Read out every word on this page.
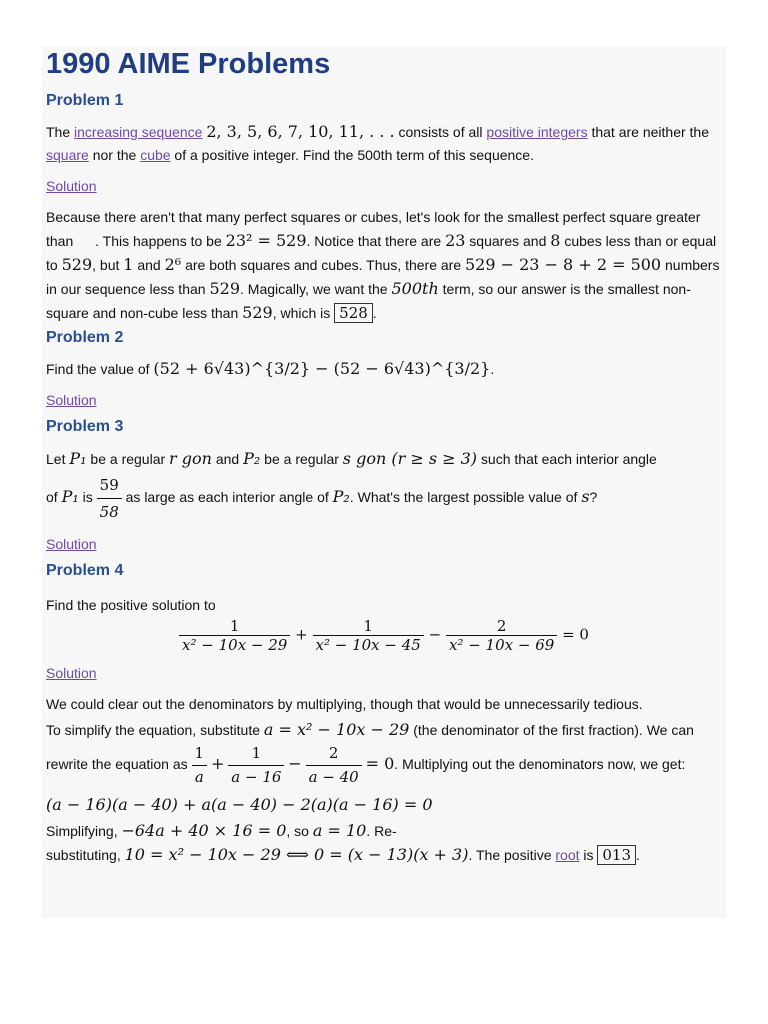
1990 AIME Problems
Problem 1

The increasing sequence 2, 3, 5, 6, 7, 10, 11, . . . consists of all positive integers that are neither the square nor the cube of a positive integer. Find the 500th term of this sequence.

Solution

Because there aren't that many perfect squares or cubes, let's look for the smallest perfect square greater than . This happens to be 23² = 529. Notice that there are 23 squares and 8 cubes less than or equal to 529, but 1 and 2⁶ are both squares and cubes. Thus, there are 529 − 23 − 8 + 2 = 500 numbers in our sequence less than 529. Magically, we want the 500th term, so our answer is the smallest non-square and non-cube less than 529, which is 528 .

Problem 2

Find the value of (52 + 6√43)^{3/2} − (52 − 6√43)^{3/2}.

Solution

Problem 3

Let P₁ be a regular r gon and P₂ be a regular s gon (r ≥ s ≥ 3) such that each interior angle
of P₁ is $\frac{59}{58}$ as large as each interior angle of P₂. What's the largest possible value of s?

Solution

Problem 4

Find the positive solution to

$\frac{1}{\text{x² − 10x − 29}} + \frac{1}{\text{x² − 10x − 45}} - \frac{2}{\text{x² − 10x − 69}} = 0$

Solution

We could clear out the denominators by multiplying, though that would be unnecessarily tedious.

To simplify the equation, substitute a = x² − 10x − 29 (the denominator of the first fraction). We can

rewrite the equation as $\frac{1}{a} + \frac{1}{a - 16} - \frac{2}{a - 40} = 0$. Multiplying out the denominators now, we get:

(a − 16)(a − 40) + a(a − 40) − 2(a)(a − 16) = 0

Simplifying, −64a + 40 × 16 = 0, so a = 10. Re-
substituting, 10 = x² − 10x − 29 ⟺ 0 = (x − 13)(x + 3). The positive root is 013 .
